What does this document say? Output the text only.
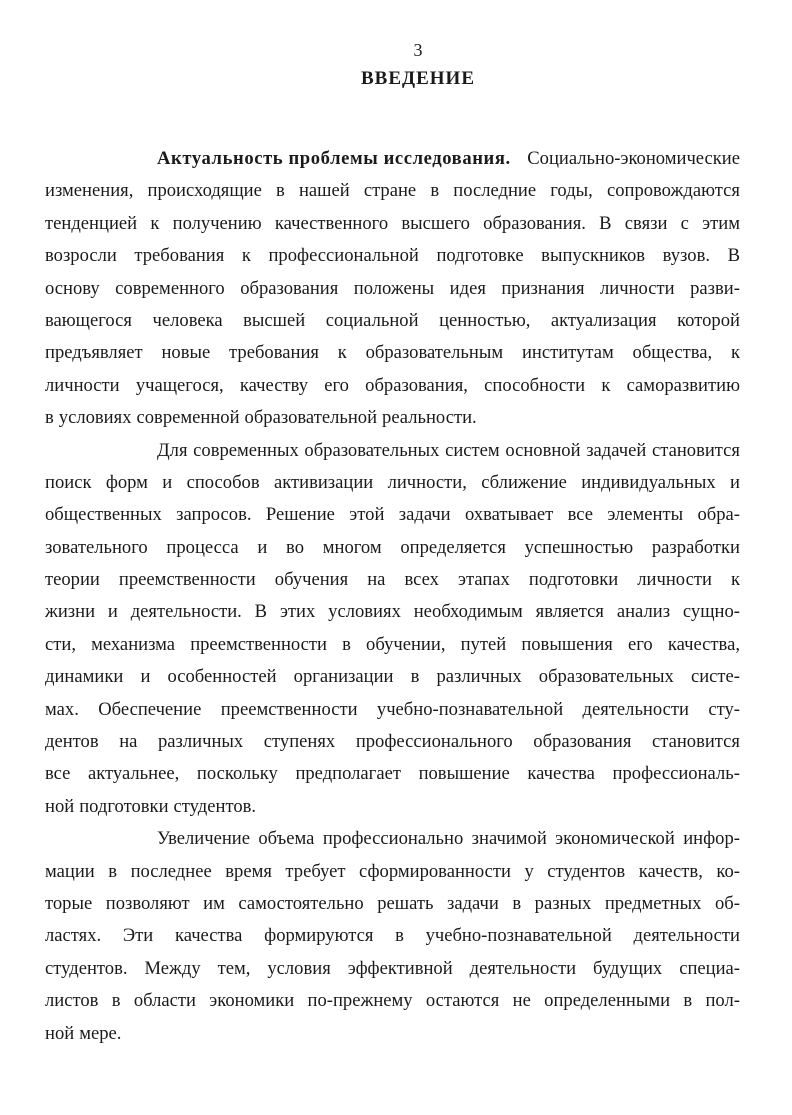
3
ВВЕДЕНИЕ
Актуальность проблемы исследования. Социально-экономические
изменения, происходящие в нашей стране в последние годы, сопровождаются
тенденцией к получению качественного высшего образования. В связи с этим
возросли требования к профессиональной подготовке выпускников вузов. В
основу современного образования положены идея признания личности разви-
вающегося человека высшей социальной ценностью, актуализация которой
предъявляет новые требования к образовательным институтам общества, к
личности учащегося, качеству его образования, способности к саморазвитию
в условиях современной образовательной реальности.
Для современных образовательных систем основной задачей становится
поиск форм и способов активизации личности, сближение индивидуальных и
общественных запросов. Решение этой задачи охватывает все элементы обра-
зовательного процесса и во многом определяется успешностью разработки
теории преемственности обучения на всех этапах подготовки личности к
жизни и деятельности. В этих условиях необходимым является анализ сущно-
сти, механизма преемственности в обучении, путей повышения его качества,
динамики и особенностей организации в различных образовательных систе-
мах. Обеспечение преемственности учебно-познавательной деятельности сту-
дентов на различных ступенях профессионального образования становится
все актуальнее, поскольку предполагает повышение качества профессиональ-
ной подготовки студентов.
Увеличение объема профессионально значимой экономической инфор-
мации в последнее время требует сформированности у студентов качеств, ко-
торые позволяют им самостоятельно решать задачи в разных предметных об-
ластях. Эти качества формируются в учебно-познавательной деятельности
студентов. Между тем, условия эффективной деятельности будущих специа-
листов в области экономики по-прежнему остаются не определенными в пол-
ной мере.
